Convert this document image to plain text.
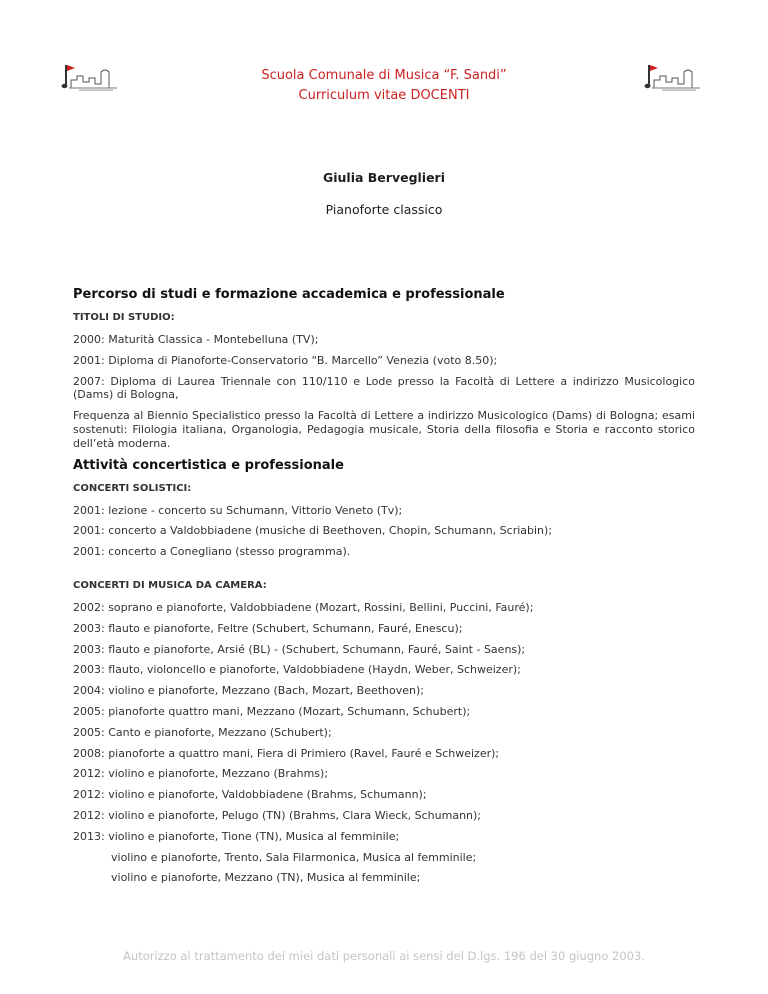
Scuola Comunale di Musica “F. Sandi”
Curriculum vitae DOCENTI
Giulia Berveglieri
Pianoforte classico
Percorso di studi e formazione accademica e professionale
TITOLI DI STUDIO:
2000: Maturità Classica - Montebelluna (TV);
2001: Diploma di Pianoforte-Conservatorio “B. Marcello” Venezia (voto 8.50);
2007: Diploma di Laurea Triennale con 110/110 e Lode presso la Facoltà di Lettere a indirizzo Musicologico (Dams) di Bologna,
Frequenza al Biennio Specialistico presso la Facoltà di Lettere a indirizzo Musicologico (Dams) di Bologna; esami sostenuti: Filologia italiana, Organologia, Pedagogia musicale, Storia della filosofia e Storia e racconto storico dell’età moderna.
Attività concertistica e professionale
CONCERTI SOLISTICI:
2001: lezione - concerto su Schumann, Vittorio Veneto (Tv);
2001: concerto a Valdobbiadene (musiche di Beethoven, Chopin, Schumann, Scriabin);
2001: concerto a Conegliano (stesso programma).
CONCERTI DI MUSICA DA CAMERA:
2002: soprano e pianoforte, Valdobbiadene (Mozart, Rossini, Bellini, Puccini, Fauré);
2003: flauto e pianoforte, Feltre (Schubert, Schumann, Fauré, Enescu);
2003: flauto e pianoforte, Arsié (BL) - (Schubert, Schumann, Fauré, Saint - Saens);
2003: flauto, violoncello e pianoforte, Valdobbiadene (Haydn, Weber, Schweizer);
2004: violino e pianoforte, Mezzano (Bach, Mozart, Beethoven);
2005: pianoforte quattro mani, Mezzano (Mozart, Schumann, Schubert);
2005: Canto e pianoforte, Mezzano (Schubert);
2008: pianoforte a quattro mani, Fiera di Primiero (Ravel, Fauré e Schweizer);
2012: violino e pianoforte, Mezzano (Brahms);
2012: violino e pianoforte, Valdobbiadene (Brahms, Schumann);
2012: violino e pianoforte, Pelugo (TN) (Brahms, Clara Wieck, Schumann);
2013: violino e pianoforte, Tione (TN), Musica al femminile;
violino e pianoforte, Trento, Sala Filarmonica, Musica al femminile;
violino e pianoforte, Mezzano (TN), Musica al femminile;
Autorizzo al trattamento dei miei dati personali ai sensi del D.lgs. 196 del 30 giugno 2003.
